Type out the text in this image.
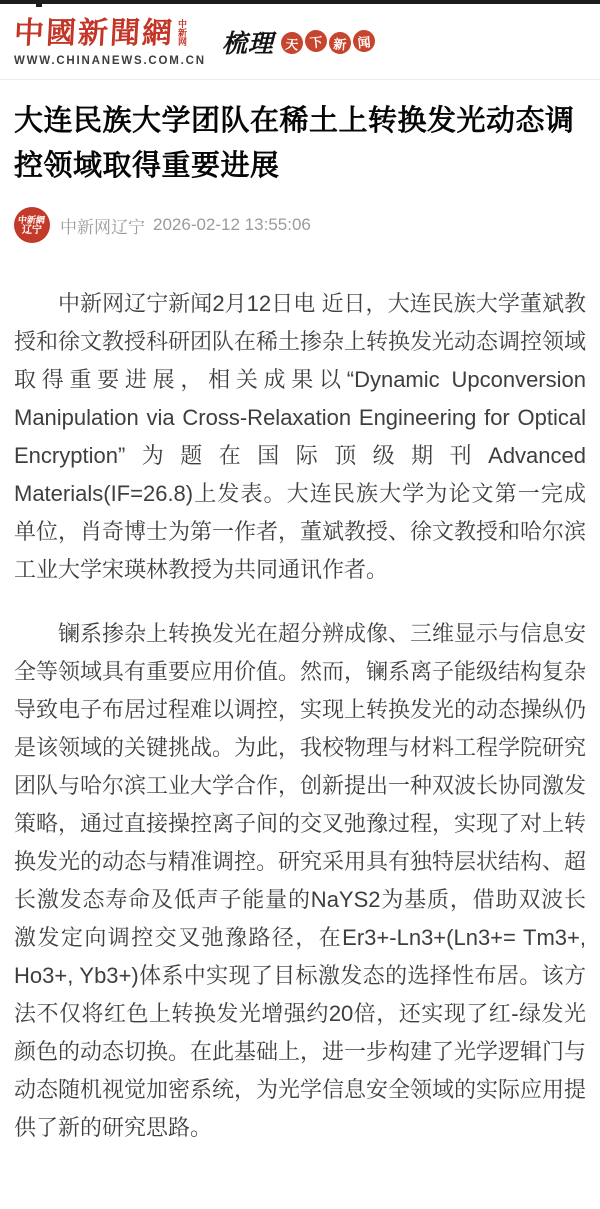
中國新聞網 中
新
网
WWW.CHINANEWS.COM.CN
梳理 天 下 新 闻
大连民族大学团队在稀土上转换发光动态调控领域取得重要进展
中新網
辽宁 中新网辽宁 2026-02-12 13:55:06

中新网辽宁新闻2月12日电 近日，大连民族大学董斌教授和徐文教授科研团队在稀土掺杂上转换发光动态调控领域取得重要进展，相关成果以“Dynamic Upconversion Manipulation via Cross-Relaxation Engineering for Optical Encryption”为题在国际顶级期刊Advanced Materials(IF=26.8)上发表。大连民族大学为论文第一完成单位，肖奇博士为第一作者，董斌教授、徐文教授和哈尔滨工业大学宋瑛林教授为共同通讯作者。

镧系掺杂上转换发光在超分辨成像、三维显示与信息安全等领域具有重要应用价值。然而，镧系离子能级结构复杂导致电子布居过程难以调控，实现上转换发光的动态操纵仍是该领域的关键挑战。为此，我校物理与材料工程学院研究团队与哈尔滨工业大学合作，创新提出一种双波长协同激发策略，通过直接操控离子间的交叉弛豫过程，实现了对上转换发光的动态与精准调控。研究采用具有独特层状结构、超长激发态寿命及低声子能量的NaYS2为基质，借助双波长激发定向调控交叉弛豫路径，在Er3+-Ln3+(Ln3+= Tm3+, Ho3+, Yb3+)体系中实现了目标激发态的选择性布居。该方法不仅将红色上转换发光增强约20倍，还实现了红-绿发光颜色的动态切换。在此基础上，进一步构建了光学逻辑门与动态随机视觉加密系统，为光学信息安全领域的实际应用提供了新的研究思路。
